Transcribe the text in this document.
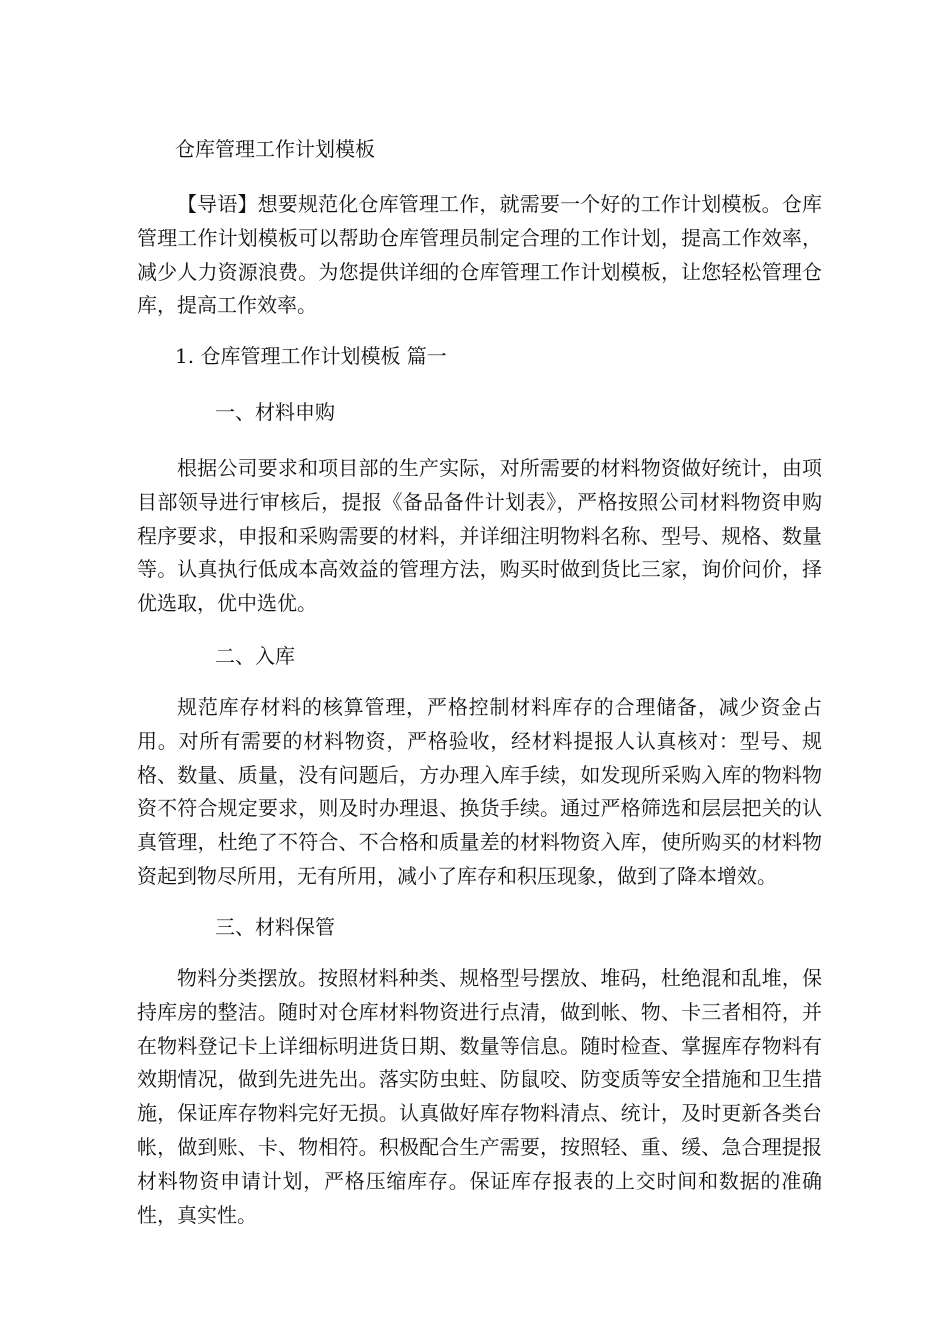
仓库管理工作计划模板

【导语】想要规范化仓库管理工作，就需要一个好的工作计划模板。仓库管理工作计划模板可以帮助仓库管理员制定合理的工作计划，提高工作效率，减少人力资源浪费。为您提供详细的仓库管理工作计划模板，让您轻松管理仓库，提高工作效率。

1. 仓库管理工作计划模板 篇一
一、材料申购

根据公司要求和项目部的生产实际，对所需要的材料物资做好统计，由项目部领导进行审核后，提报《备品备件计划表》，严格按照公司材料物资申购程序要求，申报和采购需要的材料，并详细注明物料名称、型号、规格、数量等。认真执行低成本高效益的管理方法，购买时做到货比三家，询价问价，择优选取，优中选优。

二、入库

规范库存材料的核算管理，严格控制材料库存的合理储备，减少资金占用。对所有需要的材料物资，严格验收，经材料提报人认真核对：型号、规格、数量、质量，没有问题后，方办理入库手续，如发现所采购入库的物料物资不符合规定要求，则及时办理退、换货手续。通过严格筛选和层层把关的认真管理，杜绝了不符合、不合格和质量差的材料物资入库，使所购买的材料物资起到物尽所用，无有所用，减小了库存和积压现象，做到了降本增效。

三、材料保管

物料分类摆放。按照材料种类、规格型号摆放、堆码，杜绝混和乱堆，保持库房的整洁。随时对仓库材料物资进行点清，做到帐、物、卡三者相符，并在物料登记卡上详细标明进货日期、数量等信息。随时检查、掌握库存物料有效期情况，做到先进先出。落实防虫蛀、防鼠咬、防变质等安全措施和卫生措施，保证库存物料完好无损。认真做好库存物料清点、统计，及时更新各类台帐，做到账、卡、物相符。积极配合生产需要，按照轻、重、缓、急合理提报材料物资申请计划，严格压缩库存。保证库存报表的上交时间和数据的准确性，真实性。
